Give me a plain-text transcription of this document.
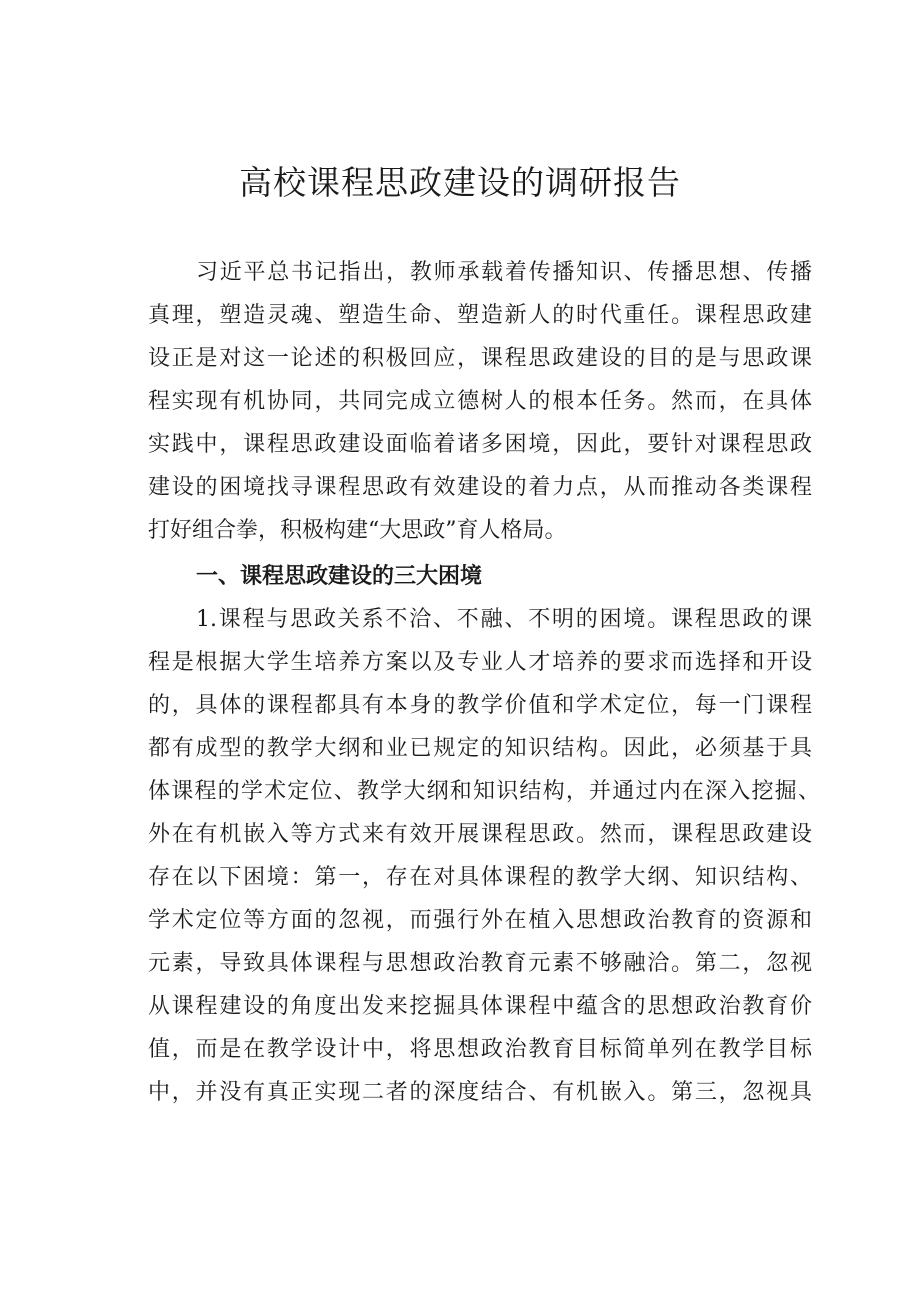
高校课程思政建设的调研报告

习近平总书记指出，教师承载着传播知识、传播思想、传播

真理，塑造灵魂、塑造生命、塑造新人的时代重任。课程思政建

设正是对这一论述的积极回应，课程思政建设的目的是与思政课

程实现有机协同，共同完成立德树人的根本任务。然而，在具体

实践中，课程思政建设面临着诸多困境，因此，要针对课程思政

建设的困境找寻课程思政有效建设的着力点，从而推动各类课程

打好组合拳，积极构建“大思政”育人格局。

一、课程思政建设的三大困境

1.课程与思政关系不洽、不融、不明的困境。课程思政的课

程是根据大学生培养方案以及专业人才培养的要求而选择和开设

的，具体的课程都具有本身的教学价值和学术定位，每一门课程

都有成型的教学大纲和业已规定的知识结构。因此，必须基于具

体课程的学术定位、教学大纲和知识结构，并通过内在深入挖掘、

外在有机嵌入等方式来有效开展课程思政。然而，课程思政建设

存在以下困境：第一，存在对具体课程的教学大纲、知识结构、

学术定位等方面的忽视，而强行外在植入思想政治教育的资源和

元素，导致具体课程与思想政治教育元素不够融洽。第二，忽视

从课程建设的角度出发来挖掘具体课程中蕴含的思想政治教育价

值，而是在教学设计中，将思想政治教育目标简单列在教学目标

中，并没有真正实现二者的深度结合、有机嵌入。第三，忽视具
